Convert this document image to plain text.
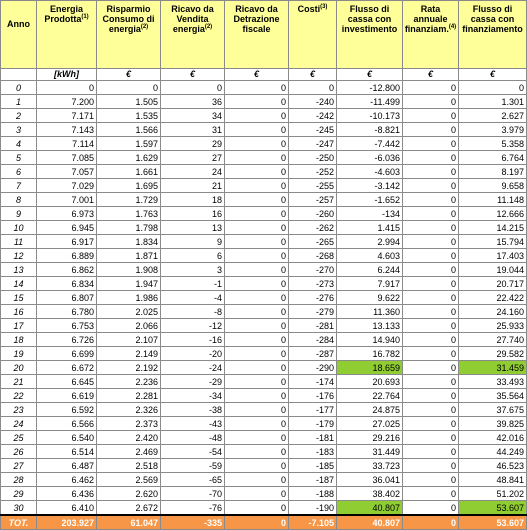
Anno	Energia Prodotta$^{(1)}$	Risparmio Consumo di energia$^{(2)}$	Ricavo da Vendita energia$^{(2)}$	Ricavo da Detrazione fiscale	Costi$^{(3)}$	Flusso di cassa con investimento	Rata annuale finanziam.$^{(4)}$	Flusso di cassa con finanziamento
	[kWh]	€	€	€	€	€	€	€
0	0	0	0	0	0	-12.800	0	0
1	7.200	1.505	36	0	-240	-11.499	0	1.301
2	7.171	1.535	34	0	-242	-10.173	0	2.627
3	7.143	1.566	31	0	-245	-8.821	0	3.979
4	7.114	1.597	29	0	-247	-7.442	0	5.358
5	7.085	1.629	27	0	-250	-6.036	0	6.764
6	7.057	1.661	24	0	-252	-4.603	0	8.197
7	7.029	1.695	21	0	-255	-3.142	0	9.658
8	7.001	1.729	18	0	-257	-1.652	0	11.148
9	6.973	1.763	16	0	-260	-134	0	12.666
10	6.945	1.798	13	0	-262	1.415	0	14.215
11	6.917	1.834	9	0	-265	2.994	0	15.794
12	6.889	1.871	6	0	-268	4.603	0	17.403
13	6.862	1.908	3	0	-270	6.244	0	19.044
14	6.834	1.947	-1	0	-273	7.917	0	20.717
15	6.807	1.986	-4	0	-276	9.622	0	22.422
16	6.780	2.025	-8	0	-279	11.360	0	24.160
17	6.753	2.066	-12	0	-281	13.133	0	25.933
18	6.726	2.107	-16	0	-284	14.940	0	27.740
19	6.699	2.149	-20	0	-287	16.782	0	29.582
20	6.672	2.192	-24	0	-290	18.659	0	31.459
21	6.645	2.236	-29	0	-174	20.693	0	33.493
22	6.619	2.281	-34	0	-176	22.764	0	35.564
23	6.592	2.326	-38	0	-177	24.875	0	37.675
24	6.566	2.373	-43	0	-179	27.025	0	39.825
25	6.540	2.420	-48	0	-181	29.216	0	42.016
26	6.514	2.469	-54	0	-183	31.449	0	44.249
27	6.487	2.518	-59	0	-185	33.723	0	46.523
28	6.462	2.569	-65	0	-187	36.041	0	48.841
29	6.436	2.620	-70	0	-188	38.402	0	51.202
30	6.410	2.672	-76	0	-190	40.807	0	53.607
TOT.	203.927	61.047	-335	0	-7.105	40.807	0	53.607
